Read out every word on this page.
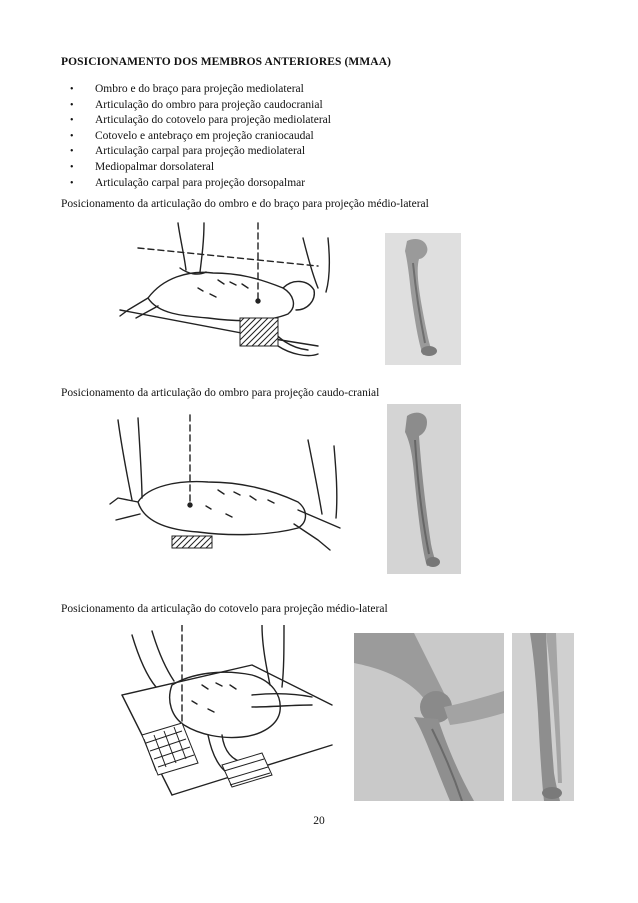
POSICIONAMENTO DOS MEMBROS ANTERIORES (MMAA)
• Ombro e do braço para projeção mediolateral
• Articulação do ombro para projeção caudocranial
• Articulação do cotovelo para projeção mediolateral
• Cotovelo e antebraço em projeção craniocaudal
• Articulação carpal para projeção mediolateral
• Mediopalmar dorsolateral
• Articulação carpal para projeção dorsopalmar
Posicionamento da articulação do ombro e do braço para projeção médio-lateral
Posicionamento da articulação do ombro para projeção caudo-cranial
Posicionamento da articulação do cotovelo para projeção médio-lateral
20
